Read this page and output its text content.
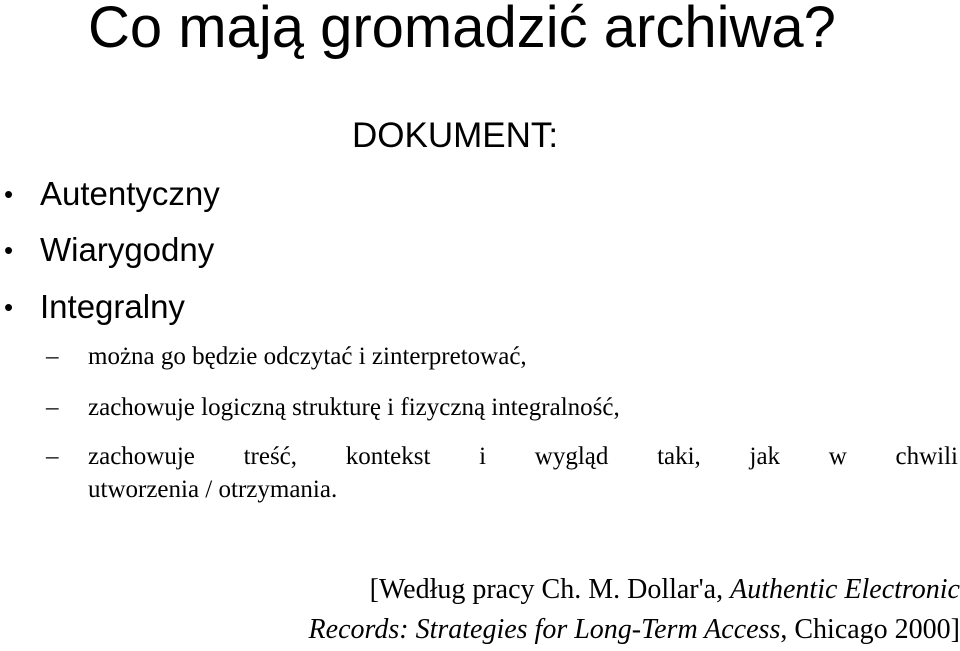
Co mają gromadzić archiwa?
DOKUMENT:
• Autentyczny
• Wiarygodny
• Integralny
– można go będzie odczytać i zinterpretować,
– zachowuje logiczną strukturę i fizyczną integralność,
– zachowuje treść, kontekst i wygląd taki, jak w chwili
utworzenia / otrzymania.
[Według pracy Ch. M. Dollar'a, Authentic Electronic
Records: Strategies for Long-Term Access, Chicago 2000]
